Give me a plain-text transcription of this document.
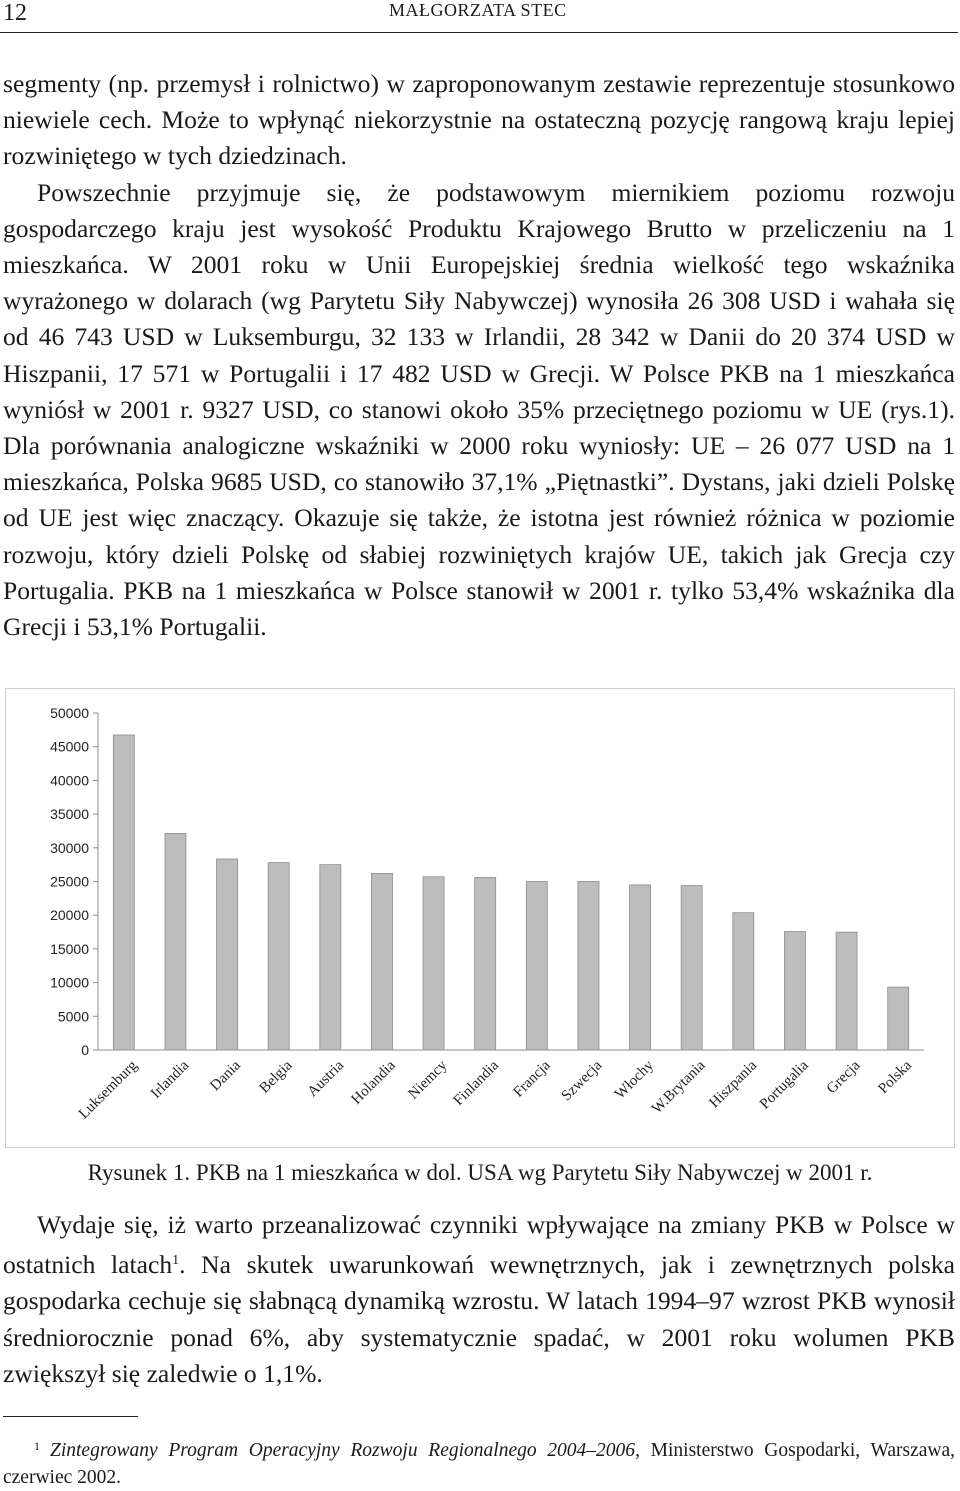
12	MAŁGORZATA STEC

segmenty (np. przemysł i rolnictwo) w zaproponowanym zestawie reprezentuje stosunkowo niewiele cech. Może to wpłynąć niekorzystnie na ostateczną pozycję rangową kraju lepiej rozwiniętego w tych dziedzinach.

Powszechnie przyjmuje się, że podstawowym miernikiem poziomu rozwoju gospodarczego kraju jest wysokość Produktu Krajowego Brutto w przeliczeniu na 1 mieszkańca. W 2001 roku w Unii Europejskiej średnia wielkość tego wskaźnika wyrażonego w dolarach (wg Parytetu Siły Nabywczej) wynosiła 26 308 USD i wahała się od 46 743 USD w Luksemburgu, 32 133 w Irlandii, 28 342 w Danii do 20 374 USD w Hiszpanii, 17 571 w Portugalii i 17 482 USD w Grecji. W Polsce PKB na 1 mieszkańca wyniósł w 2001 r. 9327 USD, co stanowi około 35% przeciętnego poziomu w UE (rys.1). Dla porównania analogiczne wskaźniki w 2000 roku wyniosły: UE – 26 077 USD na 1 mieszkańca, Polska 9685 USD, co stanowiło 37,1% „Piętnastki”. Dystans, jaki dzieli Polskę od UE jest więc znaczący. Okazuje się także, że istotna jest również różnica w poziomie rozwoju, który dzieli Polskę od słabiej rozwiniętych krajów UE, takich jak Grecja czy Portugalia. PKB na 1 mieszkańca w Polsce stanowił w 2001 r. tylko 53,4% wskaźnika dla Grecji i 53,1% Portugalii.

0
5000
10000
15000
20000
25000
30000
35000
40000
45000
50000
Luksemburg Irlandia Dania Belgia Austria Holandia Niemcy Finlandia Francja Szwecja Włochy
W.Brytania
Hiszpania
Portugalia Grecja Polska
Rysunek 1. PKB na 1 mieszkańca w dol. USA wg Parytetu Siły Nabywczej w 2001 r.

Wydaje się, iż warto przeanalizować czynniki wpływające na zmiany PKB w Polsce w ostatnich latach$^1$. Na skutek uwarunkowań wewnętrznych, jak i zewnętrznych polska gospodarka cechuje się słabnącą dynamiką wzrostu. W latach 1994–97 wzrost PKB wynosił średniorocznie ponad 6%, aby systematycznie spadać, w 2001 roku wolumen PKB zwiększył się zaledwie o 1,1%.

$^1$ Zintegrowany Program Operacyjny Rozwoju Regionalnego 2004–2006, Ministerstwo Gospodarki, Warszawa, czerwiec 2002.
